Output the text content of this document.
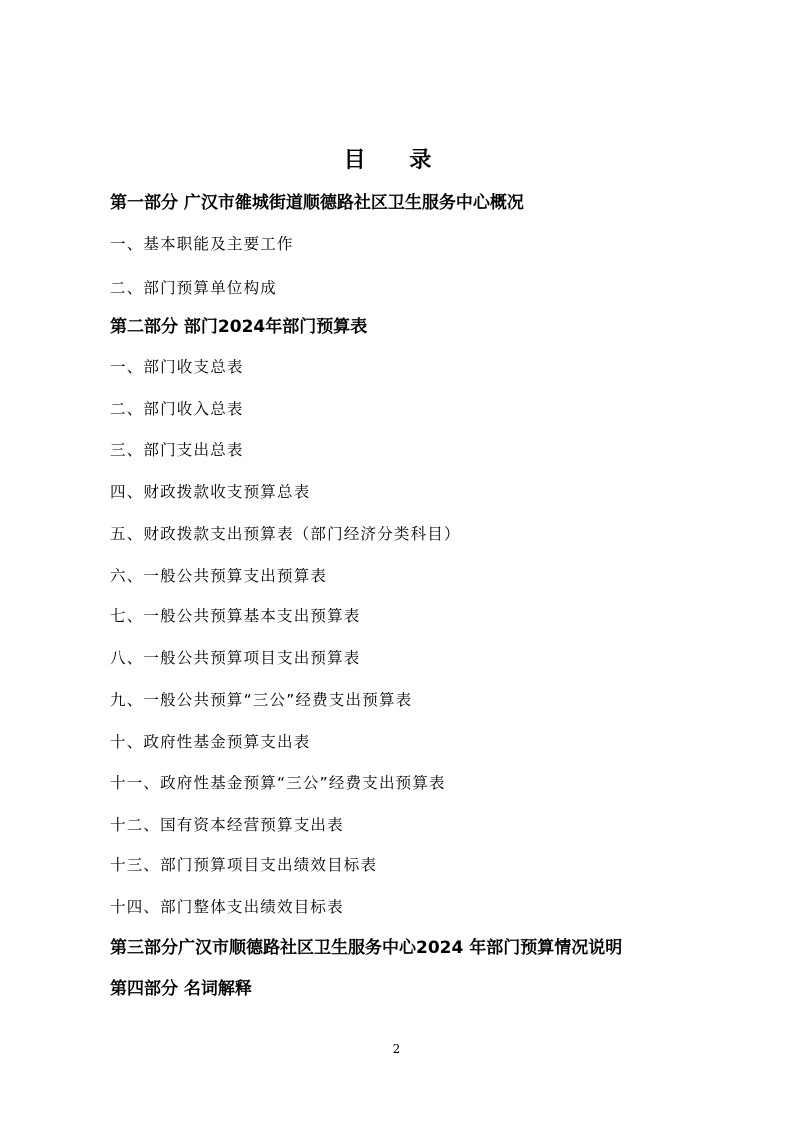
目 录
第一部分 广汉市雒城街道顺德路社区卫生服务中心概况
一、基本职能及主要工作
二、部门预算单位构成
第二部分 部门2024年部门预算表
一、部门收支总表
二、部门收入总表
三、部门支出总表
四、财政拨款收支预算总表
五、财政拨款支出预算表（部门经济分类科目）
六、一般公共预算支出预算表
七、一般公共预算基本支出预算表
八、一般公共预算项目支出预算表
九、一般公共预算“三公”经费支出预算表
十、政府性基金预算支出表
十一、政府性基金预算“三公”经费支出预算表
十二、国有资本经营预算支出表
十三、部门预算项目支出绩效目标表
十四、部门整体支出绩效目标表
第三部分广汉市顺德路社区卫生服务中心2024 年部门预算情况说明
第四部分 名词解释
2
